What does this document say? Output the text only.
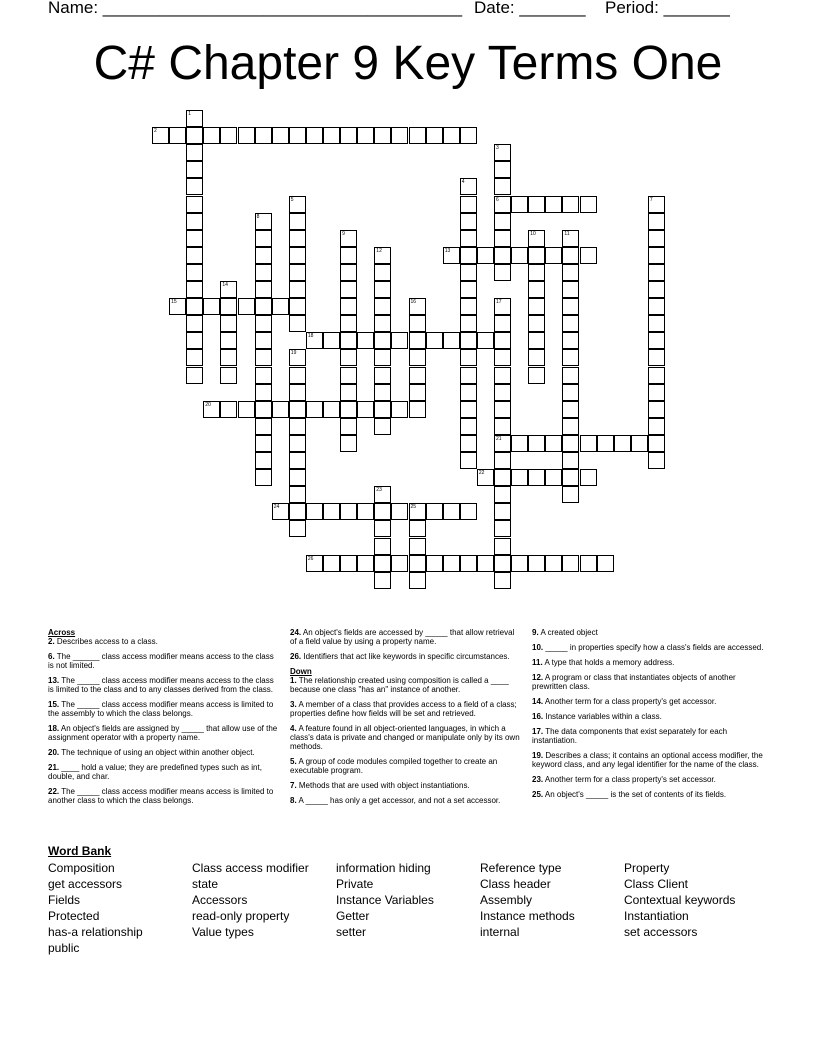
Name: ______________________________________ Date: _______ Period: _______
C# Chapter 9 Key Terms One
1
2
3
4
5	6	7
8
9	10	11
12	13
14
15	16	17
18
19
20
21
22
23
24	25
26
Across
2. Describes access to a class.
6. The ______ class access modifier means access to the class is not limited.
13. The _____ class access modifier means access to the class is limited to the class and to any classes derived from the class.
15. The _____ class access modifier means access is limited to the assembly to which the class belongs.
18. An object's fields are assigned by _____ that allow use of the assignment operator with a property name.
20. The technique of using an object within another object.
21. ____ hold a value; they are predefined types such as int, double, and char.
22. The _____ class access modifier means access is limited to another class to which the class belongs.
24. An object's fields are accessed by _____ that allow retrieval of a field value by using a property name.
26. Identifiers that act like keywords in specific circumstances.
Down
1. The relationship created using composition is called a ____ because one class "has an" instance of another.
3. A member of a class that provides access to a field of a class; properties define how fields will be set and retrieved.
4. A feature found in all object-oriented languages, in which a class's data is private and changed or manipulate only by its own methods.
5. A group of code modules compiled together to create an executable program.
7. Methods that are used with object instantiations.
8. A _____ has only a get accessor, and not a set accessor.
9. A created object
10. _____ in properties specify how a class's fields are accessed.
11. A type that holds a memory address.
12. A program or class that instantiates objects of another prewritten class.
14. Another term for a class property's get accessor.
16. Instance variables within a class.
17. The data components that exist separately for each instantiation.
19. Describes a class; it contains an optional access modifier, the keyword class, and any legal identifier for the name of the class.
23. Another term for a class property's set accessor.
25. An object's _____ is the set of contents of its fields.
Word Bank
Composition
get accessors
Fields
Protected
has-a relationship
public
Class access modifier
state
Accessors
read-only property
Value types
information hiding
Private
Instance Variables
Getter
setter
Reference type
Class header
Assembly
Instance methods
internal
Property
Class Client
Contextual keywords
Instantiation
set accessors
